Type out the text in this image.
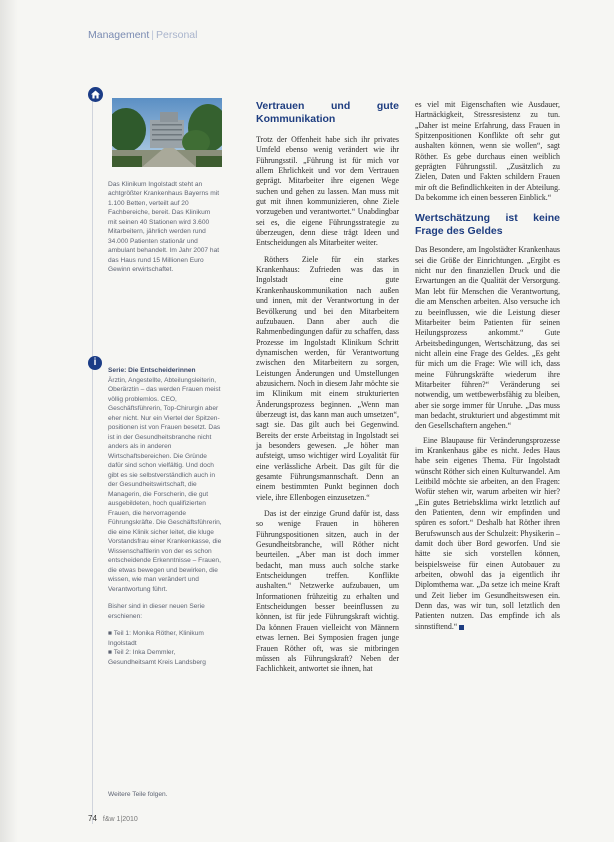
Management | Personal

Das Klinikum Ingolstadt steht an achtgrößter Krankenhaus Bayerns mit 1.100 Betten, verteilt auf 20 Fachbereiche, bereit. Das Klinikum mit seinen 40 Stationen wird 3.600 Mitarbeitern, jährlich werden rund 34.000 Patienten stationär und ambulant behandelt. Im Jahr 2007 hat das Haus rund 15 Millionen Euro Gewinn erwirtschaftet.

i
Serie: Die Entscheiderinnen

Ärztin, Angestellte, Abteilungsleiterin, Oberärztin – das werden Frauen meist völlig problemlos. CEO, Geschäftsführerin, Top-Chirurgin aber eher nicht. Nur ein Viertel der Spitzen-positionen ist von Frauen besetzt. Das ist in der Gesundheitsbranche nicht anders als in anderen Wirtschaftsbereichen. Die Gründe dafür sind schon vielfältig. Und doch gibt es sie selbstverständlich auch in der Gesundheitswirtschaft, die Managerin, die Forscherin, die gut ausgebildeten, hoch qualifizierten Frauen, die hervorragende Führungskräfte. Die Geschäftsführerin, die eine Klinik sicher leitet, die kluge Vorstandsfrau einer Krankenkasse, die Wissenschaftlerin von der es schon entscheidende Erkenntnisse – Frauen, die etwas bewegen und bewirken, die wissen, wie man verändert und Verantwortung führt.

Bisher sind in dieser neuen Serie erschienen:
■ Teil 1: Monika Röther, Klinikum Ingolstadt
■ Teil 2: Inka Demmler, Gesundheitsamt Kreis Landsberg
Weitere Teile folgen.
74 f&w 1|2010
Vertrauen und gute Kommunikation

Trotz der Offenheit habe sich ihr privates Umfeld ebenso wenig verändert wie ihr Führungsstil. „Führung ist für mich vor allem Ehrlichkeit und vor dem Vertrauen geprägt. Mitarbeiter ihre eigenen Wege suchen und gehen zu lassen. Man muss mit gut mit ihnen kommunizieren, ohne Ziele vorzugeben und verantwortet.“ Unabdingbar sei es, die eigene Führungsstrategie zu überzeugen, denn diese trägt Ideen und Entscheidungen als Mitarbeiter weiter.

Röthers Ziele für ein starkes Krankenhaus: Zufrieden was das in Ingolstadt eine gute Krankenhauskommunikation nach außen und innen, mit der Verantwortung in der Bevölkerung und bei den Mitarbeitern aufzubauen. Dann aber auch die Rahmenbedingungen dafür zu schaffen, dass Prozesse im Ingolstadt Klinikum Schritt dynamischen werden, für Verantwortung zwischen den Mitarbeitern zu sorgen, Leistungen Änderungen und Umstellungen abzusichern. Noch in diesem Jahr möchte sie im Klinikum mit einem strukturierten Änderungsprozess beginnen. „Wenn man überzeugt ist, das kann man auch umsetzen“, sagt sie. Das gilt auch bei Gegenwind. Bereits der erste Arbeitstag in Ingolstadt sei ja besonders gewesen. „Je höher man aufsteigt, umso wichtiger wird Loyalität für eine verlässliche Arbeit. Das gilt für die gesamte Führungsmannschaft. Denn an einem bestimmten Punkt beginnen doch viele, ihre Ellenbogen einzusetzen.“

Das ist der einzige Grund dafür ist, dass so wenige Frauen in höheren Führungspositionen sitzen, auch in der Gesundheitsbranche, will Röther nicht beurteilen. „Aber man ist doch immer bedacht, man muss auch solche starke Entscheidungen treffen. Konflikte aushalten.“ Netzwerke aufzubauen, um Informationen frühzeitig zu erhalten und Entscheidungen besser beeinflussen zu können, ist für jede Führungskraft wichtig. Da können Frauen vielleicht von Männern etwas lernen. Bei Symposien fragen junge Frauen Röther oft, was sie mitbringen müssen als Führungskraft? Neben der Fachlichkeit, antwortet sie ihnen, hat

es viel mit Eigenschaften wie Ausdauer, Hartnäckigkeit, Stressresistenz zu tun. „Daher ist meine Erfahrung, dass Frauen in Spitzenpositionen Konflikte oft sehr gut aushalten können, wenn sie wollen“, sagt Röther. Es gebe durchaus einen weiblich geprägten Führungsstil. „Zusätzlich zu Zielen, Daten und Fakten schildern Frauen mir oft die Befindlichkeiten in der Abteilung. Da bekomme ich einen besseren Einblick.“

Wertschätzung ist keine Frage des Geldes

Das Besondere, am Ingolstädter Krankenhaus sei die Größe der Einrichtungen. „Ergibt es nicht nur den finanziellen Druck und die Erwartungen an die Qualität der Versorgung. Man lebt für Menschen die Verantwortung, die am Menschen arbeiten. Also versuche ich zu beeinflussen, wie die Leistung dieser Mitarbeiter beim Patienten für seinen Heilungsprozess ankommt.“ Gute Arbeitsbedingungen, Wertschätzung, das sei nicht allein eine Frage des Geldes. „Es geht für mich um die Frage: Wie will ich, dass meine Führungskräfte wiederum ihre Mitarbeiter führen?“ Veränderung sei notwendig, um wettbewerbsfähig zu bleiben, aber sie sorge immer für Unruhe. „Das muss man bedacht, strukturiert und abgestimmt mit den Gesellschaftern angehen.“

Eine Blaupause für Veränderungsprozesse im Krankenhaus gäbe es nicht. Jedes Haus habe sein eigenes Thema. Für Ingolstadt wünscht Röther sich einen Kulturwandel. Am Leitbild möchte sie arbeiten, an den Fragen: Wofür stehen wir, warum arbeiten wir hier? „Ein gutes Betriebsklima wirkt letztlich auf den Patienten, denn wir empfinden und spüren es sofort.“ Deshalb hat Röther ihren Berufswunsch aus der Schulzeit: Physikerin – damit doch über Bord geworfen. Und sie hätte sie sich vorstellen können, beispielsweise für einen Autobauer zu arbeiten, obwohl das ja eigentlich ihr Diplomthema war. „Da setze ich meine Kraft und Zeit lieber im Gesundheitswesen ein. Denn das, was wir tun, soll letztlich den Patienten nutzen. Das empfinde ich als sinnstiftend.“
